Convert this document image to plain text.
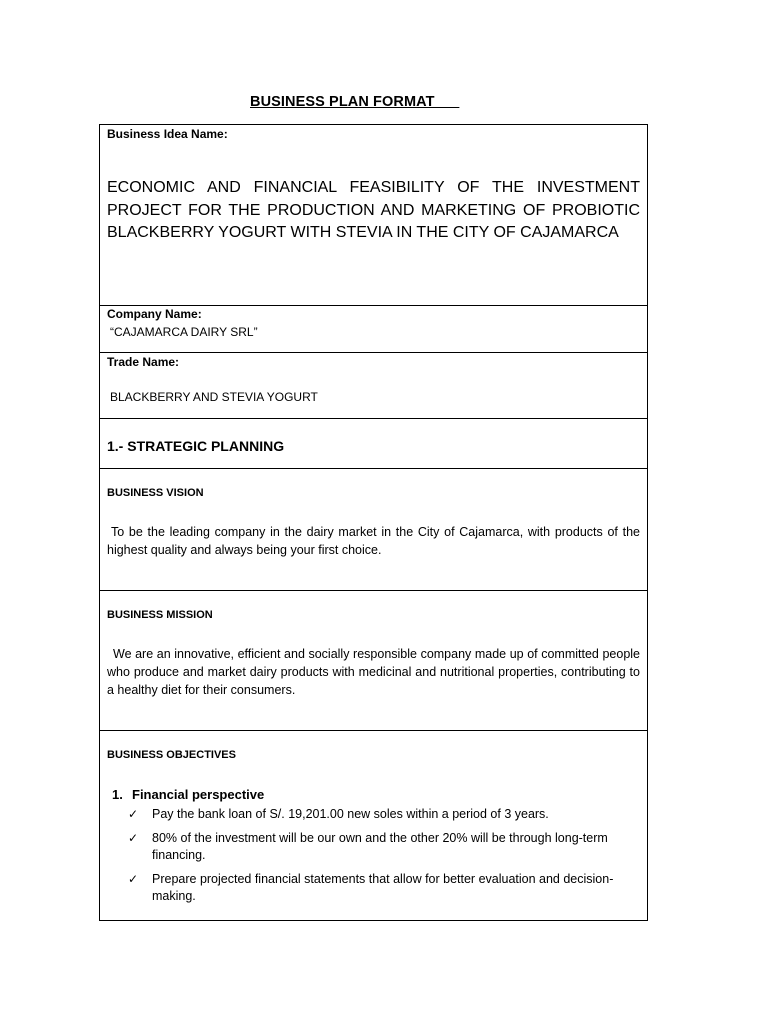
BUSINESS PLAN FORMAT
Business Idea Name:
ECONOMIC AND FINANCIAL FEASIBILITY OF THE INVESTMENT PROJECT FOR THE PRODUCTION AND MARKETING OF PROBIOTIC BLACKBERRY YOGURT WITH STEVIA IN THE CITY OF CAJAMARCA
Company Name:
“CAJAMARCA DAIRY SRL”
Trade Name:
BLACKBERRY AND STEVIA YOGURT
1.- STRATEGIC PLANNING
BUSINESS VISION
To be the leading company in the dairy market in the City of Cajamarca, with products of the highest quality and always being your first choice.
BUSINESS MISSION
We are an innovative, efficient and socially responsible company made up of committed people who produce and market dairy products with medicinal and nutritional properties, contributing to a healthy diet for their consumers.
BUSINESS OBJECTIVES
1. Financial perspective
✓ Pay the bank loan of S/. 19,201.00 new soles within a period of 3 years.
✓ 80% of the investment will be our own and the other 20% will be through long-term financing.
✓ Prepare projected financial statements that allow for better evaluation and decision-making.
